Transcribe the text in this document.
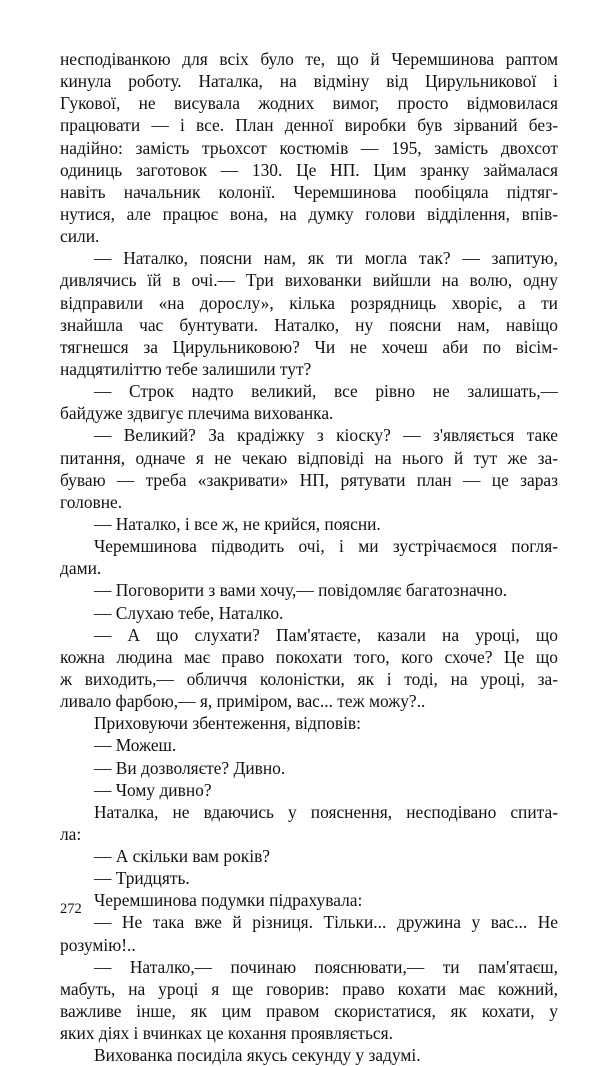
несподіванкою для всіх було те, що й Черемшинова раптом
кинула роботу. Наталка, на відміну від Цирульникової і
Гукової, не висувала жодних вимог, просто відмовилася
працювати — і все. План денної виробки був зірваний без-
надійно: замість трьохсот костюмів — 195, замість двохсот
одиниць заготовок — 130. Це НП. Цим зранку займалася
навіть начальник колонії. Черемшинова пообіцяла підтяг-
нутися, але працює вона, на думку голови відділення, впів-
сили.
— Наталко, поясни нам, як ти могла так? — запитую,
дивлячись їй в очі.— Три вихованки вийшли на волю, одну
відправили «на дорослу», кілька розрядниць хворіє, а ти
знайшла час бунтувати. Наталко, ну поясни нам, навіщо
тягнешся за Цирульниковою? Чи не хочеш аби по вісім-
надцятиліттю тебе залишили тут?
— Строк надто великий, все рівно не залишать,—
байдуже здвигує плечима вихованка.
— Великий? За крадіжку з кіоску? — з'являється таке
питання, одначе я не чекаю відповіді на нього й тут же за-
буваю — треба «закривати» НП, рятувати план — це зараз
головне.
— Наталко, і все ж, не крийся, поясни.
Черемшинова підводить очі, і ми зустрічаємося погля-
дами.
— Поговорити з вами хочу,— повідомляє багатозначно.
— Слухаю тебе, Наталко.
— А що слухати? Пам'ятаєте, казали на уроці, що
кожна людина має право покохати того, кого схоче? Це що
ж виходить,— обличчя колоністки, як і тоді, на уроці, за-
ливало фарбою,— я, приміром, вас... теж можу?..
Приховуючи збентеження, відповів:
— Можеш.
— Ви дозволяєте? Дивно.
— Чому дивно?
Наталка, не вдаючись у пояснення, несподівано спита-
ла:
— А скільки вам років?
— Тридцять.
Черемшинова подумки підрахувала:
— Не така вже й різниця. Тільки... дружина у вас... Не
розумію!..
— Наталко,— починаю пояснювати,— ти пам'ятаєш,
мабуть, на уроці я ще говорив: право кохати має кожний,
важливе інше, як цим правом скористатися, як кохати, у
яких діях і вчинках це кохання проявляється.
Вихованка посиділа якусь секунду у задумі.
272
